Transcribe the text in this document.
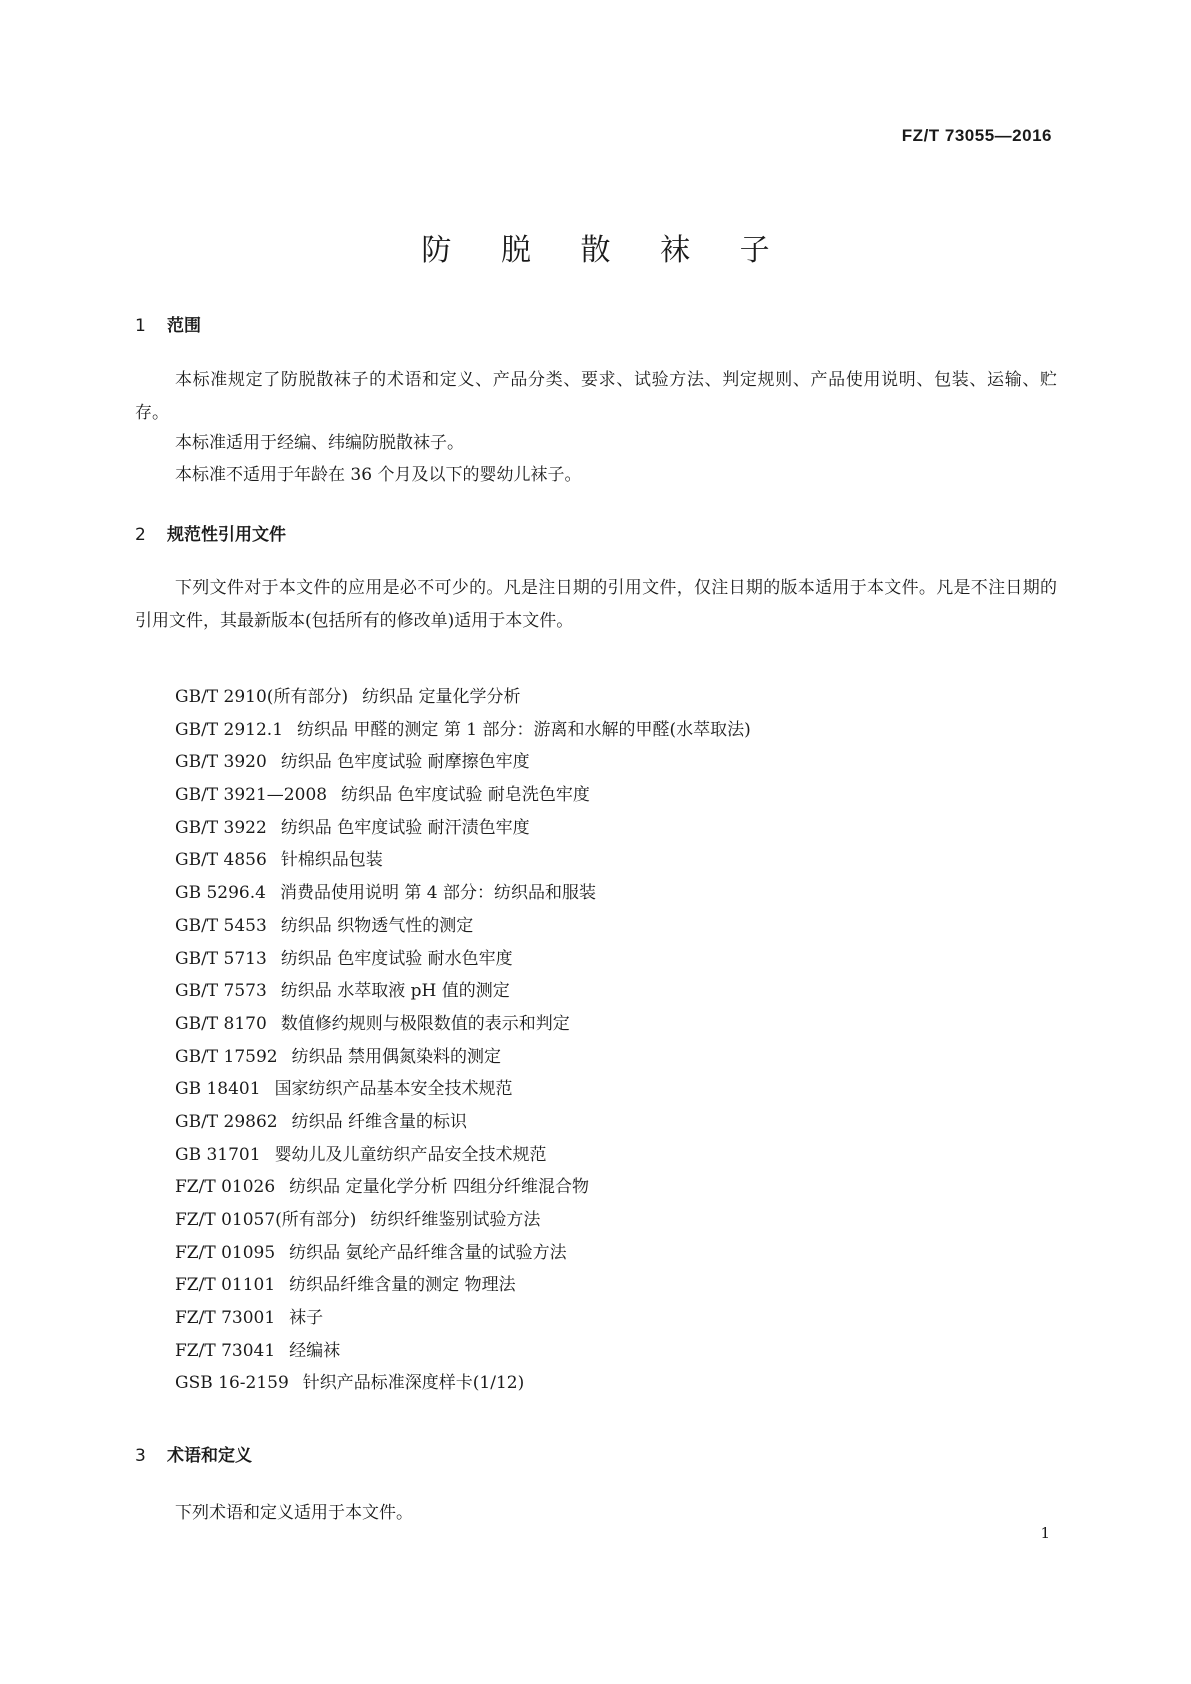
FZ/T 73055—2016
防 脱 散 袜 子
1 范围

本标准规定了防脱散袜子的术语和定义、产品分类、要求、试验方法、判定规则、产品使用说明、包装、运输、贮存。

本标准适用于经编、纬编防脱散袜子。

本标准不适用于年龄在 36 个月及以下的婴幼儿袜子。

2 规范性引用文件

下列文件对于本文件的应用是必不可少的。凡是注日期的引用文件，仅注日期的版本适用于本文件。凡是不注日期的引用文件，其最新版本(包括所有的修改单)适用于本文件。

GB/T 2910(所有部分) 纺织品 定量化学分析
GB/T 2912.1 纺织品 甲醛的测定 第 1 部分：游离和水解的甲醛(水萃取法)
GB/T 3920 纺织品 色牢度试验 耐摩擦色牢度
GB/T 3921—2008 纺织品 色牢度试验 耐皂洗色牢度
GB/T 3922 纺织品 色牢度试验 耐汗渍色牢度
GB/T 4856 针棉织品包装
GB 5296.4 消费品使用说明 第 4 部分：纺织品和服装
GB/T 5453 纺织品 织物透气性的测定
GB/T 5713 纺织品 色牢度试验 耐水色牢度
GB/T 7573 纺织品 水萃取液 pH 值的测定
GB/T 8170 数值修约规则与极限数值的表示和判定
GB/T 17592 纺织品 禁用偶氮染料的测定
GB 18401 国家纺织产品基本安全技术规范
GB/T 29862 纺织品 纤维含量的标识
GB 31701 婴幼儿及儿童纺织产品安全技术规范
FZ/T 01026 纺织品 定量化学分析 四组分纤维混合物
FZ/T 01057(所有部分) 纺织纤维鉴别试验方法
FZ/T 01095 纺织品 氨纶产品纤维含量的试验方法
FZ/T 01101 纺织品纤维含量的测定 物理法
FZ/T 73001 袜子
FZ/T 73041 经编袜
GSB 16-2159 针织产品标准深度样卡(1/12)
3 术语和定义

下列术语和定义适用于本文件。

1
